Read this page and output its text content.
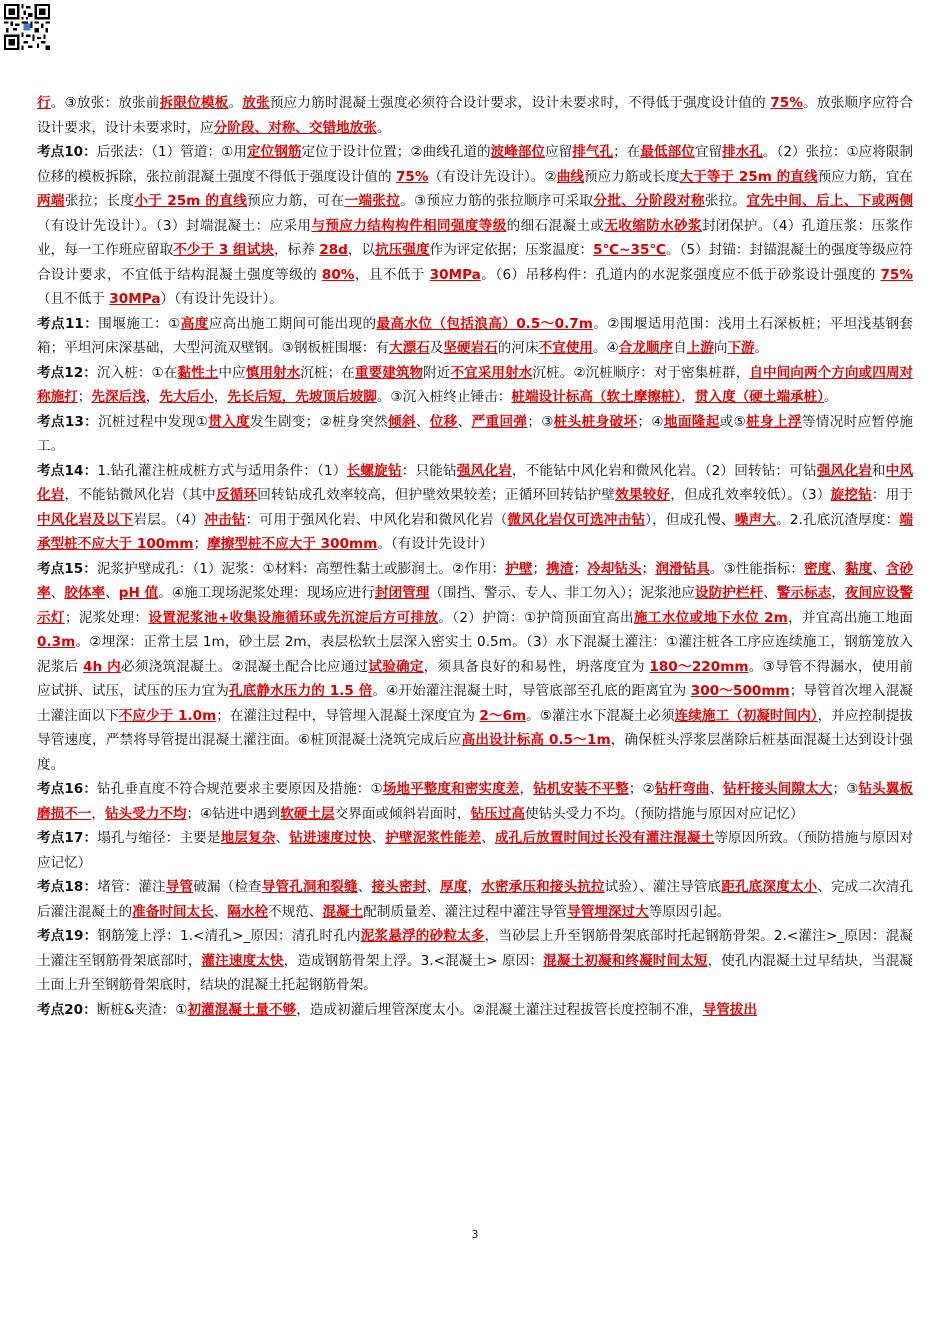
行。③放张：放张前拆限位模板。放张预应力筋时混凝土强度必须符合设计要求，设计未要求时，不得低于强度设计值的 75%。放张顺序应符合设计要求，设计未要求时，应分阶段、对称、交错地放张。

考点10：后张法：（1）管道：①用定位钢筋定位于设计位置；②曲线孔道的波峰部位应留排气孔；在最低部位宜留排水孔。（2）张拉：①应将限制位移的模板拆除，张拉前混凝土强度不得低于强度设计值的 75%（有设计先设计）。②曲线预应力筋或长度大于等于 25m 的直线预应力筋，宜在两端张拉；长度小于 25m 的直线预应力筋，可在一端张拉。③预应力筋的张拉顺序可采取分批、分阶段对称张拉。宜先中间、后上、下或两侧（有设计先设计）。（3）封端混凝土：应采用与预应力结构构件相同强度等级的细石混凝土或无收缩防水砂浆封闭保护。（4）孔道压浆：压浆作业，每一工作班应留取不少于 3 组试块，标养 28d，以抗压强度作为评定依据；压浆温度：5℃~35℃。（5）封锚：封锚混凝土的强度等级应符合设计要求，不宜低于结构混凝土强度等级的 80%，且不低于 30MPa。（6）吊移构件：孔道内的水泥浆强度应不低于砂浆设计强度的 75%（且不低于 30MPa）（有设计先设计）。

考点11：围堰施工：①高度应高出施工期间可能出现的最高水位（包括浪高）0.5～0.7m。②围堰适用范围：浅用土石深板桩；平坦浅基钢套箱；平坦河床深基础，大型河流双壁钢。③钢板桩围堰：有大漂石及坚硬岩石的河床不宜使用。④合龙顺序自上游向下游。

考点12：沉入桩：①在黏性土中应慎用射水沉桩；在重要建筑物附近不宜采用射水沉桩。②沉桩顺序：对于密集桩群，自中间向两个方向或四周对称施打；先深后浅，先大后小，先长后短，先坡顶后坡脚。③沉入桩终止锤击：桩端设计标高（软土摩擦桩），贯入度（硬土端承桩）。

考点13：沉桩过程中发现①贯入度发生剧变；②桩身突然倾斜、位移、严重回弹；③桩头桩身破坏；④地面隆起或⑤桩身上浮等情况时应暂停施工。

考点14：1.钻孔灌注桩成桩方式与适用条件：（1）长螺旋钻：只能钻强风化岩，不能钻中风化岩和微风化岩。（2）回转钻：可钻强风化岩和中风化岩，不能钻微风化岩（其中反循环回转钻成孔效率较高，但护壁效果较差；正循环回转钻护壁效果较好，但成孔效率较低）。（3）旋挖钻：用于中风化岩及以下岩层。（4）冲击钻：可用于强风化岩、中风化岩和微风化岩（微风化岩仅可选冲击钻），但成孔慢、噪声大。2.孔底沉渣厚度：端承型桩不应大于 100mm；摩擦型桩不应大于 300mm。（有设计先设计）

考点15：泥浆护壁成孔：（1）泥浆：①材料：高塑性黏土或膨润土。②作用：护壁；携渣；冷却钻头；润滑钻具。③性能指标：密度、黏度、含砂率、胶体率、pH 值。④施工现场泥浆处理：现场应进行封闭管理（围挡、警示、专人、非工勿入）；泥浆池应设防护栏杆、警示标志，夜间应设警示灯；泥浆处理：设置泥浆池+收集设施循环或先沉淀后方可排放。（2）护筒：①护筒顶面宜高出施工水位或地下水位 2m，并宜高出施工地面 0.3m。②埋深：正常土层 1m，砂土层 2m，表层松软土层深入密实土 0.5m。（3）水下混凝土灌注：①灌注桩各工序应连续施工，钢筋笼放入泥浆后 4h 内必须浇筑混凝土。②混凝土配合比应通过试验确定，须具备良好的和易性，坍落度宜为 180～220mm。③导管不得漏水，使用前应试拼、试压，试压的压力宜为孔底静水压力的 1.5 倍。④开始灌注混凝土时，导管底部至孔底的距离宜为 300～500mm；导管首次埋入混凝土灌注面以下不应少于 1.0m；在灌注过程中，导管埋入混凝土深度宜为 2～6m。⑤灌注水下混凝土必须连续施工（初凝时间内），并应控制提拔导管速度，严禁将导管提出混凝土灌注面。⑥桩顶混凝土浇筑完成后应高出设计标高 0.5～1m，确保桩头浮浆层凿除后桩基面混凝土达到设计强度。

考点16：钻孔垂直度不符合规范要求主要原因及措施：①场地平整度和密实度差，钻机安装不平整；②钻杆弯曲、钻杆接头间隙太大；③钻头翼板磨损不一，钻头受力不均；④钻进中遇到软硬土层交界面或倾斜岩面时，钻压过高使钻头受力不均。（预防措施与原因对应记忆）

考点17：塌孔与缩径：主要是地层复杂、钻进速度过快、护壁泥浆性能差、成孔后放置时间过长没有灌注混凝土等原因所致。（预防措施与原因对应记忆）

考点18：堵管：灌注导管破漏（检查导管孔洞和裂缝、接头密封、厚度，水密承压和接头抗拉试验）、灌注导管底距孔底深度太小、完成二次清孔后灌注混凝土的准备时间太长、隔水栓不规范、混凝土配制质量差、灌注过程中灌注导管导管埋深过大等原因引起。

考点19：钢筋笼上浮：1.<清孔>_原因：清孔时孔内泥浆悬浮的砂粒太多，当砂层上升至钢筋骨架底部时托起钢筋骨架。2.<灌注>_原因：混凝土灌注至钢筋骨架底部时，灌注速度太快，造成钢筋骨架上浮。3.<混凝土> 原因：混凝土初凝和终凝时间太短，使孔内混凝土过早结块，当混凝土面上升至钢筋骨架底时，结块的混凝土托起钢筋骨架。

考点20：断桩&夹渣：①初灌混凝土量不够，造成初灌后埋管深度太小。②混凝土灌注过程拔管长度控制不准，导管拔出

3
